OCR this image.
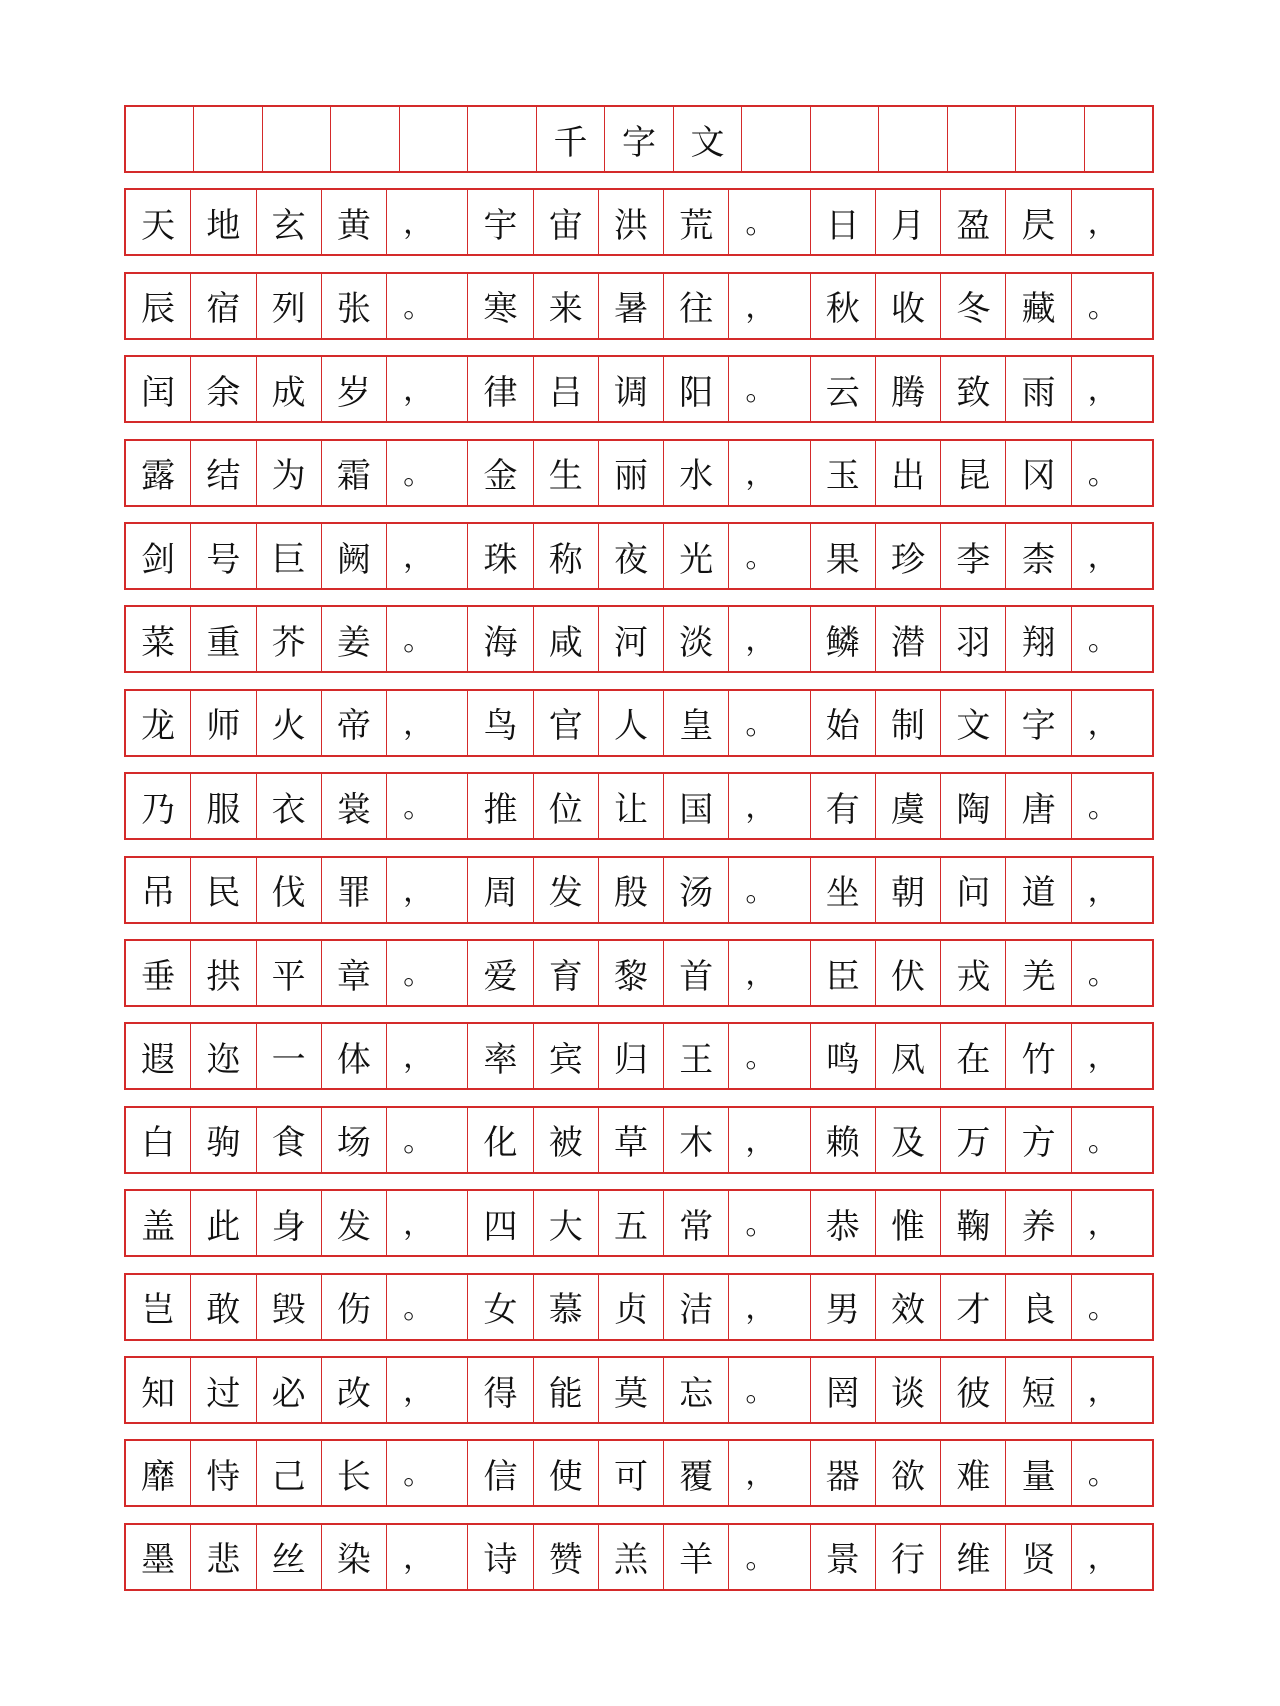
千	字	文
天 地 玄 黄	，	宇 宙 洪 荒	。	日 月 盈 昃	，
辰 宿 列 张	。	寒 来 暑 往	，	秋 收 冬 藏	。
闰 余 成 岁	，	律 吕 调 阳	。	云 腾 致 雨	，
露 结 为 霜	。	金 生 丽 水	，	玉 出 昆 冈	。
剑 号 巨 阙	，	珠 称 夜 光	。	果 珍 李 柰	，
菜 重 芥 姜	。	海 咸 河 淡	，	鳞 潜 羽 翔	。
龙 师 火 帝	，	鸟 官 人 皇	。	始 制 文 字	，
乃 服 衣 裳	。	推 位 让 国	，	有 虞 陶 唐	。
吊 民 伐 罪	，	周 发 殷 汤	。	坐 朝 问 道	，
垂 拱 平 章	。	爱 育 黎 首	，	臣 伏 戎 羌	。
遐 迩 一 体	，	率 宾 归 王	。	鸣 凤 在 竹	，
白 驹 食 场	。	化 被 草 木	，	赖 及 万 方	。
盖 此 身 发	，	四 大 五 常	。	恭 惟 鞠 养	，
岂 敢 毁 伤	。	女 慕 贞 洁	，	男 效 才 良	。
知 过 必 改	，	得 能 莫 忘	。	罔 谈 彼 短	，
靡 恃 己 长	。	信 使 可 覆	，	器 欲 难 量	。
墨 悲 丝 染	，	诗 赞 羔 羊	。	景 行 维 贤	，
